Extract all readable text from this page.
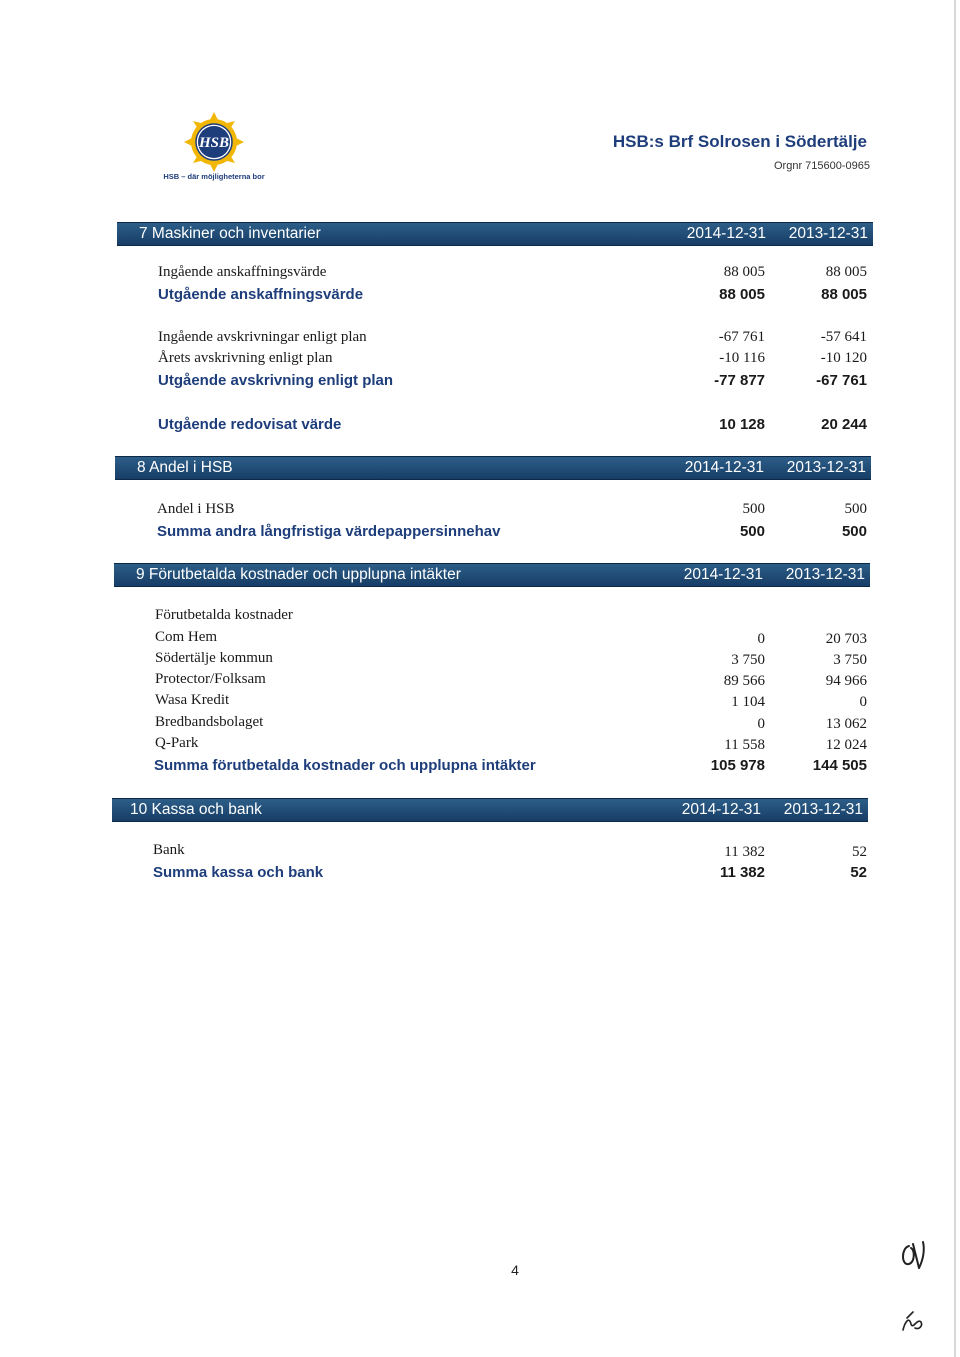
HSB
HSB – där möjligheterna bor
HSB:s Brf Solrosen i Södertälje
Orgnr 715600-0965
7 Maskiner och inventarier	2014-12-31 2013-12-31
Ingående anskaffningsvärde	88 005	88 005
Utgående anskaffningsvärde	88 005	88 005
Ingående avskrivningar enligt plan	-67 761	-57 641
Årets avskrivning enligt plan	-10 116	-10 120
Utgående avskrivning enligt plan	-77 877	-67 761
Utgående redovisat värde	10 128	20 244
8 Andel i HSB	2014-12-31 2013-12-31
Andel i HSB	500	500
Summa andra långfristiga värdepappersinnehav	500	500
9 Förutbetalda kostnader och upplupna intäkter	2014-12-31 2013-12-31
Förutbetalda kostnader
Com Hem	0	20 703
Södertälje kommun	3 750	3 750
Protector/Folksam	89 566	94 966
Wasa Kredit	1 104	0
Bredbandsbolaget	0	13 062
Q-Park	11 558	12 024
Summa förutbetalda kostnader och upplupna intäkter	105 978	144 505
10 Kassa och bank	2014-12-31 2013-12-31
Bank	11 382	52
Summa kassa och bank	11 382	52
4
